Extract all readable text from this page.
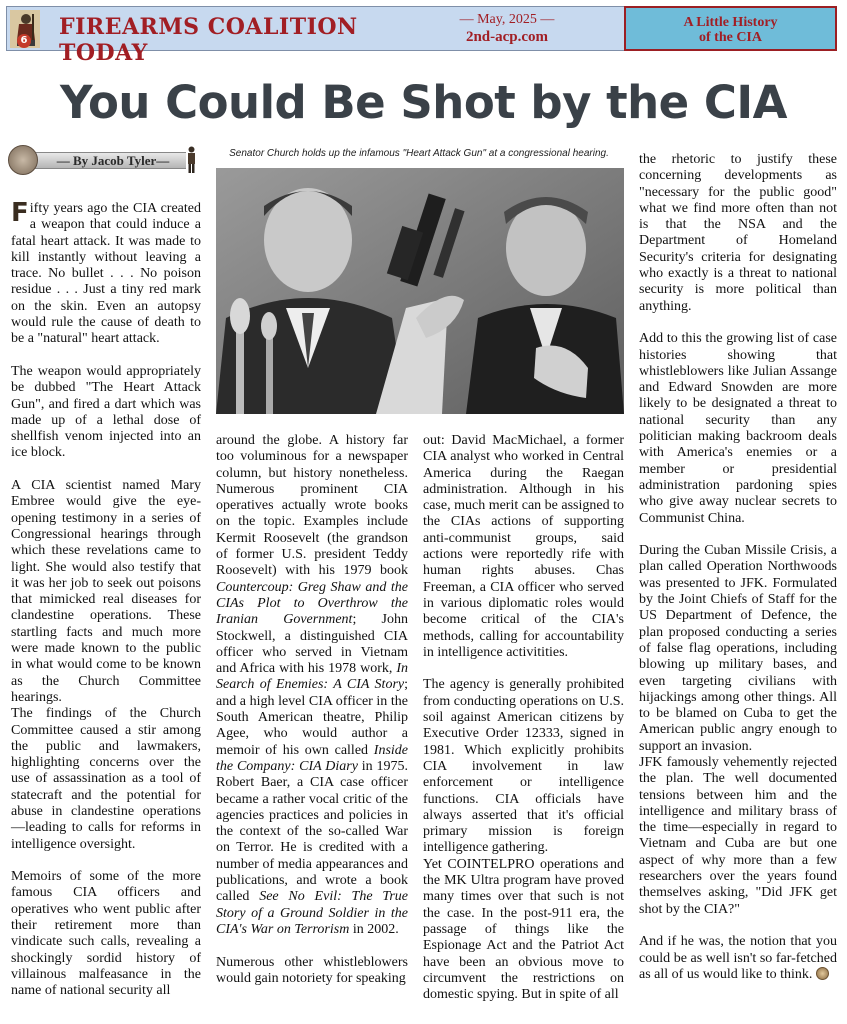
6
FIREARMS COALITION TODAY
— May, 2025 —
2nd-acp.com
A Little History
of the CIA
You Could Be Shot by the CIA
— By Jacob Tyler—	Senator Church holds up the infamous "Heart Attack Gun" at a congressional hearing.

Fifty years ago the CIA created a weapon that could induce a fatal heart attack. It was made to kill instantly without leaving a trace. No bullet . . . No poison residue . . . Just a tiny red mark on the skin. Even an autopsy would rule the cause of death to be a "natural" heart attack.

The weapon would appropriately be dubbed "The Heart Attack Gun", and fired a dart which was made up of a lethal dose of shellfish venom injected into an ice block.

A CIA scientist named Mary Embree would give the eye-opening testimony in a series of Congressional hearings through which these revelations came to light. She would also testify that it was her job to seek out poisons that mimicked real diseases for clandestine operations. These startling facts and much more were made known to the public in what would come to be known as the Church Committee hearings.

The findings of the Church Committee caused a stir among the public and lawmakers, highlighting concerns over the use of assassination as a tool of statecraft and the potential for abuse in clandestine operations —leading to calls for reforms in intelligence oversight.

Memoirs of some of the more famous CIA officers and operatives who went public after their retirement more than vindicate such calls, revealing a shockingly sordid history of villainous malfeasance in the name of national security all

around the globe. A history far too voluminous for a newspaper column, but history nonetheless. Numerous prominent CIA operatives actually wrote books on the topic. Examples include Kermit Roosevelt (the grandson of former U.S. president Teddy Roosevelt) with his 1979 book Countercoup: Greg Shaw and the CIAs Plot to Overthrow the Iranian Government; John Stockwell, a distinguished CIA officer who served in Vietnam and Africa with his 1978 work, In Search of Enemies: A CIA Story; and a high level CIA officer in the South American theatre, Philip Agee, who would author a memoir of his own called Inside the Company: CIA Diary in 1975. Robert Baer, a CIA case officer became a rather vocal critic of the agencies practices and policies in the context of the so-called War on Terror. He is credited with a number of media appearances and publications, and wrote a book called See No Evil: The True Story of a Ground Soldier in the CIA's War on Terrorism in 2002.

Numerous other whistleblowers would gain notoriety for speaking

out: David MacMichael, a former CIA analyst who worked in Central America during the Raegan administration. Although in his case, much merit can be assigned to the CIAs actions of supporting anti-communist groups, said actions were reportedly rife with human rights abuses. Chas Freeman, a CIA officer who served in various diplomatic roles would become critical of the CIA's methods, calling for accountability in intelligence activitities.

The agency is generally prohibited from conducting operations on U.S. soil against American citizens by Executive Order 12333, signed in 1981. Which explicitly prohibits CIA involvement in law enforcement or intelligence functions. CIA officials have always asserted that it's official primary mission is foreign intelligence gathering.

Yet COINTELPRO operations and the MK Ultra program have proved many times over that such is not the case. In the post-911 era, the passage of things like the Espionage Act and the Patriot Act have been an obvious move to circumvent the restrictions on domestic spying. But in spite of all

the rhetoric to justify these concerning developments as "necessary for the public good" what we find more often than not is that the NSA and the Department of Homeland Security's criteria for designating who exactly is a threat to national security is more political than anything.

Add to this the growing list of case histories showing that whistleblowers like Julian Assange and Edward Snowden are more likely to be designated a threat to national security than any politician making backroom deals with America's enemies or a member or presidential administration pardoning spies who give away nuclear secrets to Communist China.

During the Cuban Missile Crisis, a plan called Operation Northwoods was presented to JFK. Formulated by the Joint Chiefs of Staff for the US Department of Defence, the plan proposed conducting a series of false flag operations, including blowing up military bases, and even targeting civilians with hijackings among other things. All to be blamed on Cuba to get the American public angry enough to support an invasion.

JFK famously vehemently rejected the plan. The well documented tensions between him and the intelligence and military brass of the time—especially in regard to Vietnam and Cuba are but one aspect of why more than a few researchers over the years found themselves asking, "Did JFK get shot by the CIA?"

And if he was, the notion that you could be as well isn't so far-fetched as all of us would like to think.
